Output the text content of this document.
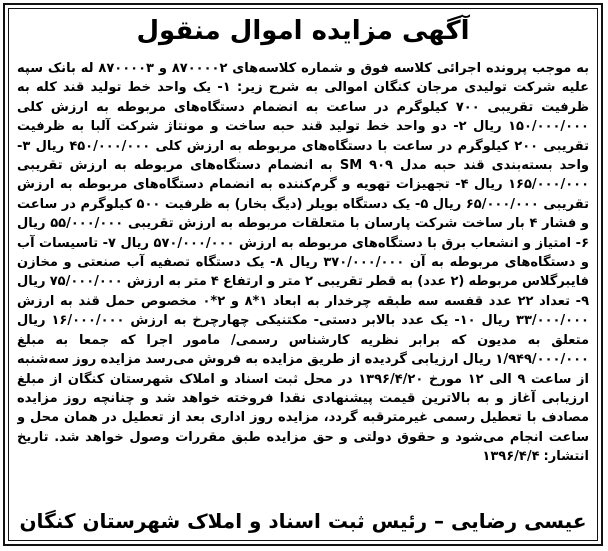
آگهی مزایده اموال منقول
به موجب پرونده اجرائی کلاسه فوق و شماره کلاسه‌های ۸۷۰۰۰۰۲ و ۸۷۰۰۰۰۳ له بانک سپه علیه شرکت تولیدی مرجان کنگان اموالی به شرح زیر: ۱- یک واحد خط تولید قند کله به ظرفیت تقریبی ۷۰۰ کیلوگرم در ساعت به انضمام دستگاه‌های مربوطه به ارزش کلی ۱۵۰/۰۰۰/۰۰۰ ریال ۲- دو واحد خط تولید قند حبه ساخت و مونتاژ شرکت آلبا به ظرفیت تقریبی ۲۰۰ کیلوگرم در ساعت با دستگاه‌های مربوطه به ارزش کلی ۴۵۰/۰۰۰/۰۰۰ ریال ۳- واحد بسته‌بندی قند حبه مدل SM ۹۰۹ به انضمام دستگاه‌های مربوطه به ارزش تقریبی ۱۶۵/۰۰۰/۰۰۰ ریال ۴- تجهیزات تهویه و گرم‌کننده به انضمام دستگاه‌های مربوطه به ارزش تقریبی ۶۵/۰۰۰/۰۰۰ ریال ۵- یک دستگاه بویلر (دیگ بخار) به ظرفیت ۵۰۰ کیلوگرم در ساعت و فشار ۴ بار ساخت شرکت پارسان با متعلقات مربوطه به ارزش تقریبی ۵۵/۰۰۰/۰۰۰ ریال ۶- امتیاز و انشعاب برق با دستگاه‌های مربوطه به ارزش ۵۷۰/۰۰۰/۰۰۰ ریال ۷- تاسیسات آب و دستگاه‌های مربوطه به آن ۳۷۰/۰۰۰/۰۰۰ ریال ۸- یک دستگاه تصفیه آب صنعتی و مخازن فایبرگلاس مربوطه (۲ عدد) به قطر تقریبی ۲ متر و ارتفاع ۴ متر به ارزش ۷۵/۰۰۰/۰۰۰ ریال ۹- تعداد ۲۲ عدد قفسه سه طبقه چرخدار به ابعاد ۱*۸ و ۲*۰ مخصوص حمل قند به ارزش ۳۳/۰۰۰/۰۰۰ ریال ۱۰- یک عدد بالابر دستی- مکتنیکی چهارچرخ به ارزش ۱۶/۰۰۰/۰۰۰ ریال متعلق به مدیون که برابر نظریه کارشناس رسمی/ مامور اجرا که جمعا به مبلغ ۱/۹۴۹/۰۰۰/۰۰۰ ریال ارزیابی گردیده از طریق مزایده به فروش می‌رسد مزایده روز سه‌شنبه از ساعت ۹ الی ۱۲ مورخ ۱۳۹۶/۴/۲۰ در محل ثبت اسناد و املاک شهرستان کنگان از مبلغ ارزیابی آغاز و به بالاترین قیمت پیشنهادی نقدا فروخته خواهد شد و چنانچه روز مزایده مصادف با تعطیل رسمی غیرمترقبه گردد، مزایده روز اداری بعد از تعطیل در همان محل و ساعت انجام می‌شود و حقوق دولتی و حق مزایده طبق مقررات وصول خواهد شد. تاریخ انتشار: ۱۳۹۶/۴/۴
عیسی رضایی – رئیس ثبت اسناد و املاک شهرستان کنگان
